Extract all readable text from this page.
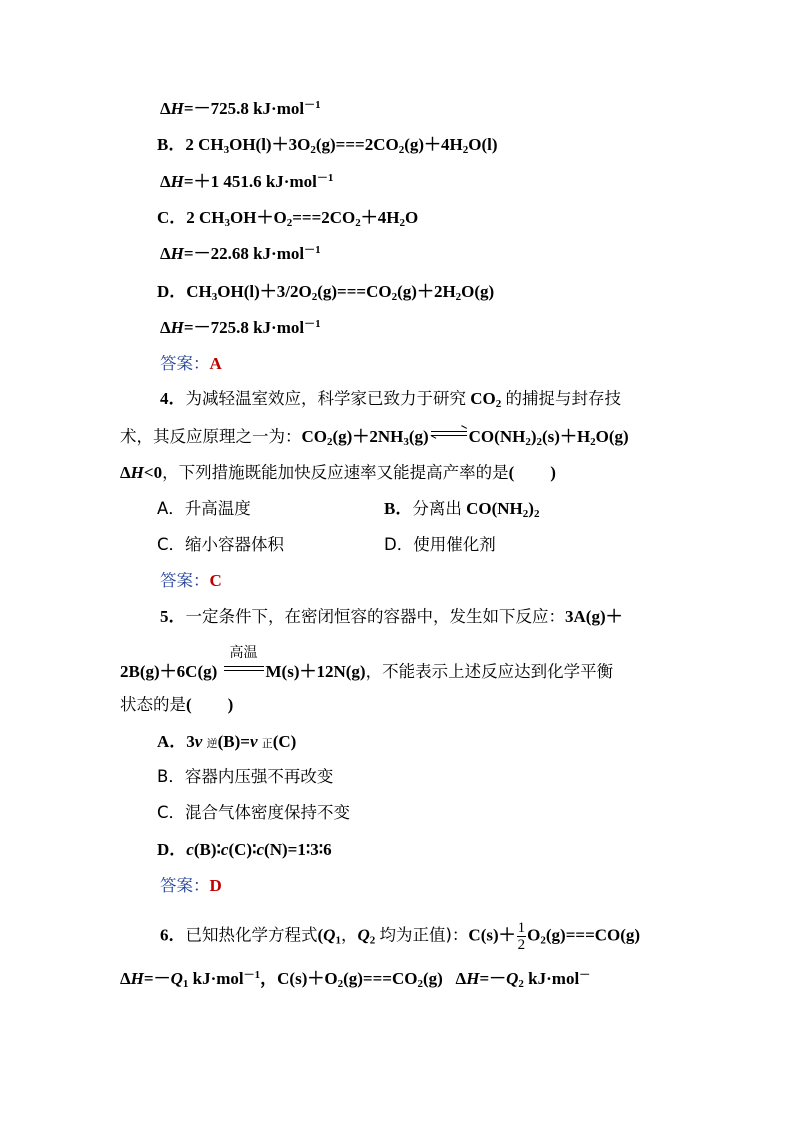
ΔH=－725.8 kJ·mol$^{-1}$
B．2 $CH_3OH(l)+3O_2(g)===2CO_2(g)+4H_2O(l)$
ΔH=＋1 451.6 kJ·mol$^{-1}$
C．2 $CH_3OH+O_2===2CO_2+4H_2O$
ΔH=－22.68 kJ·mol$^{-1}$
D．$CH_3OH(l)+3/2O_2(g)===CO_2(g)+2H_2O(g)$
ΔH=－725.8 kJ·mol$^{-1}$
答案：A
4．为减轻温室效应，科学家已致力于研究 $CO_2$ 的捕捉与封存技
术，其反应原理之一为：$CO_2(g)+2NH_3(g)$ $CO(NH_2)_2(s)+H_2O(g)$
ΔH<0，下列措施既能加快反应速率又能提高产率的是( )
A．升高温度	B．分离出 $CO(NH_2)_2$
C．缩小容器体积	D．使用催化剂
答案：C
5．一定条件下，在密闭恒容的容器中，发生如下反应：3A(g)＋
2B(g)＋6C(g)
高温
M(s)＋12N(g)，不能表示上述反应达到化学平衡
状态的是( )
A．3v 逆(B)=v 正(C)
B．容器内压强不再改变
C．混合气体密度保持不变
D．c(B)∶c(C)∶c(N)=1∶3∶6
答案：D
6．已知热化学方程式($Q_1$，$Q_2$ 均为正值)：$C(s)+ \frac{1}{2} O_2(g)===CO(g)$
$\Delta H=-Q_1$ kJ·mol$^{-1}$，$C(s)+O_2(g)===CO_2(g)$   $\Delta H=-Q_2$ kJ·mol－
